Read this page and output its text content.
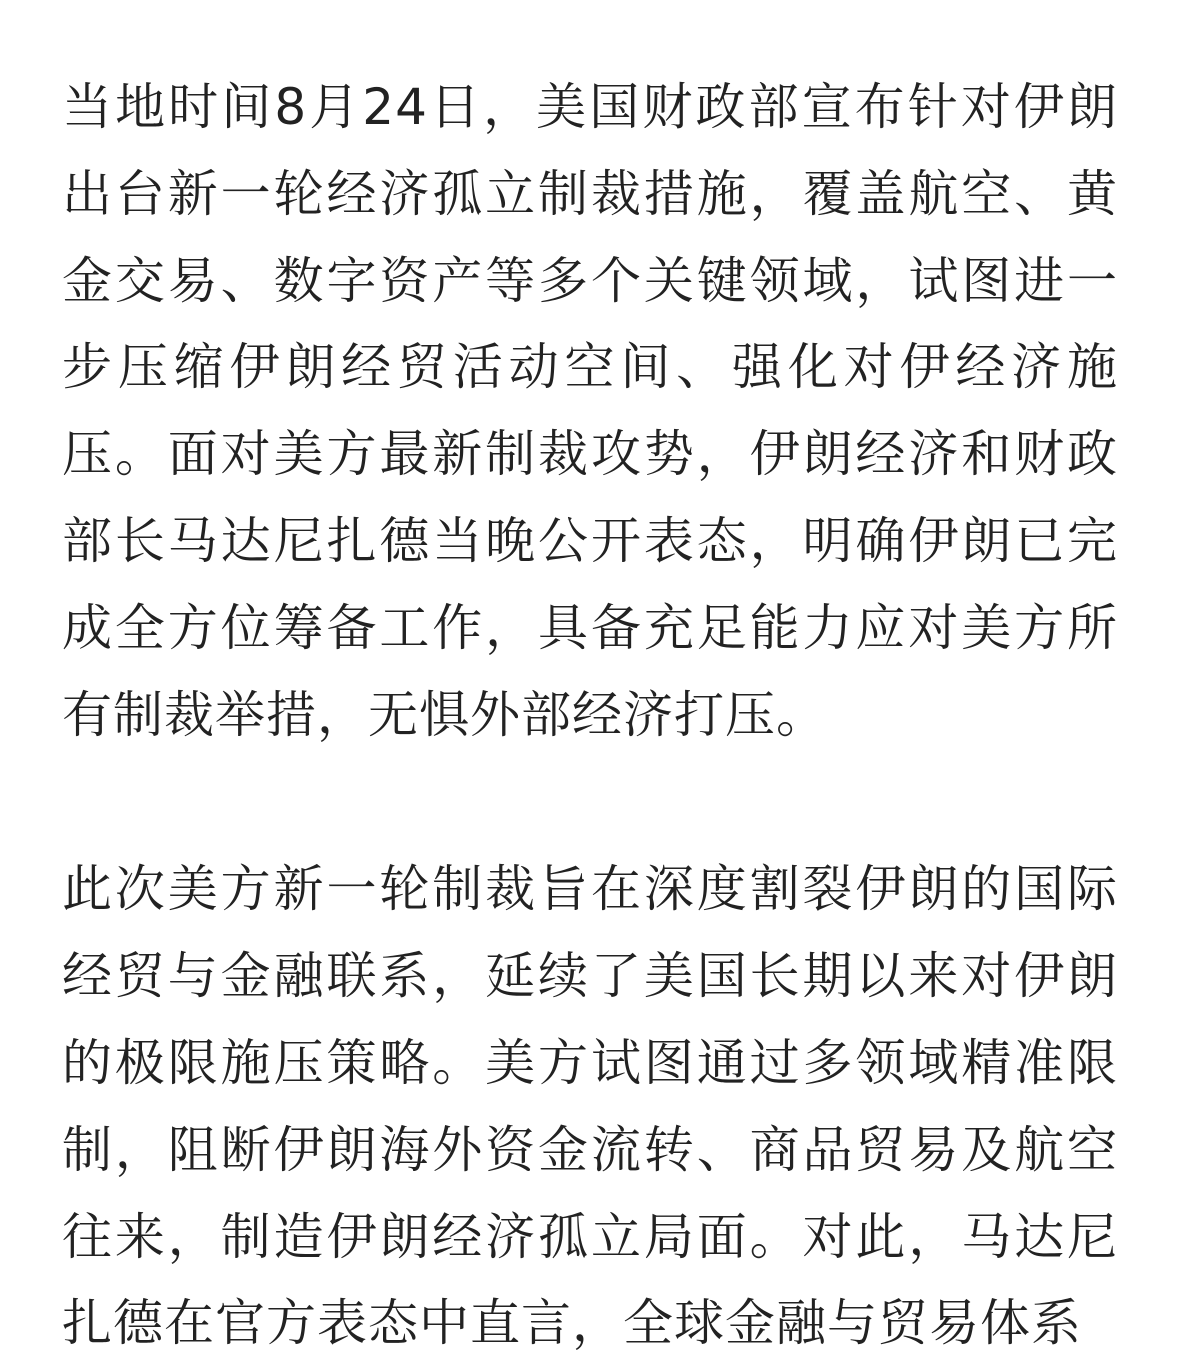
当地时间8月24日，美国财政部宣布针对伊朗出台新一轮经济孤立制裁措施，覆盖航空、黄金交易、数字资产等多个关键领域，试图进一步压缩伊朗经贸活动空间、强化对伊经济施压。面对美方最新制裁攻势，伊朗经济和财政部长马达尼扎德当晚公开表态，明确伊朗已完成全方位筹备工作，具备充足能力应对美方所有制裁举措，无惧外部经济打压。

此次美方新一轮制裁旨在深度割裂伊朗的国际经贸与金融联系，延续了美国长期以来对伊朗的极限施压策略。美方试图通过多领域精准限制，阻断伊朗海外资金流转、商品贸易及航空往来，制造伊朗经济孤立局面。对此，马达尼扎德在官方表态中直言，全球金融与贸易体系
